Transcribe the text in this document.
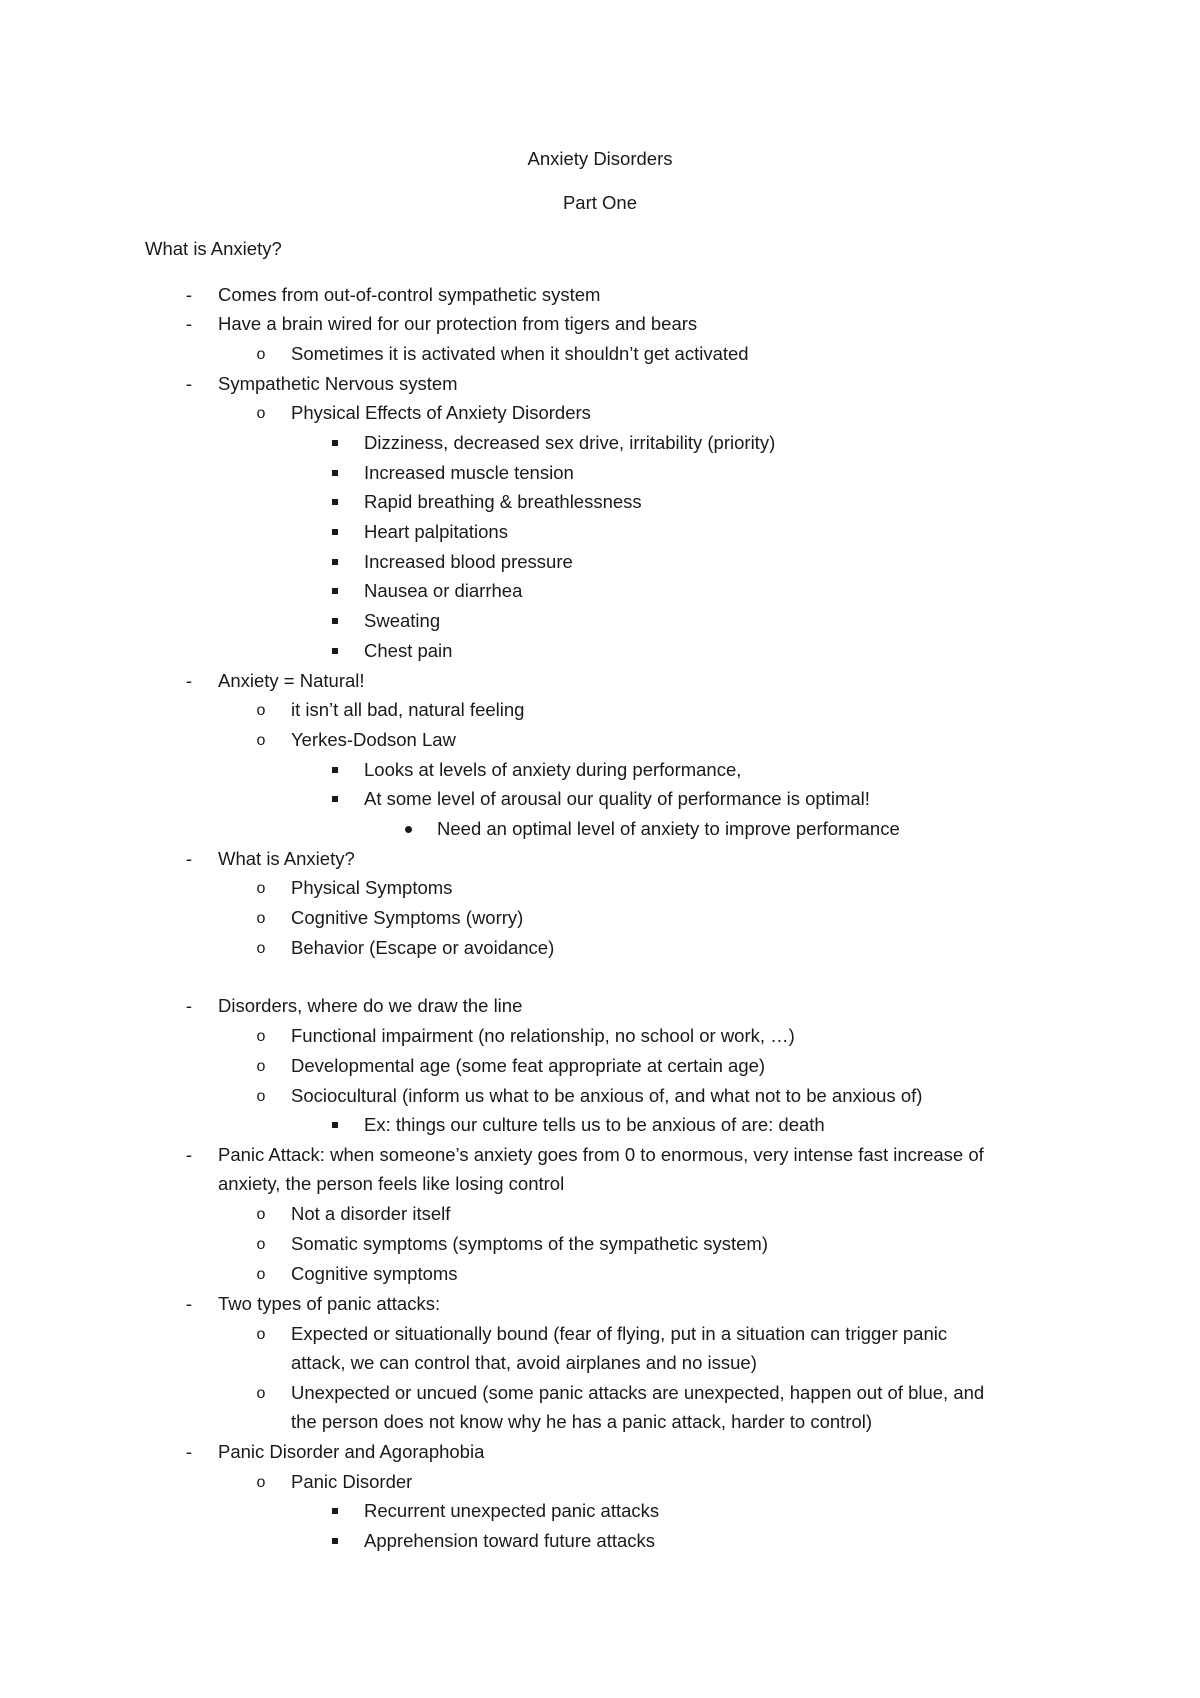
Anxiety Disorders
Part One
What is Anxiety?
- Comes from out-of-control sympathetic system
- Have a brain wired for our protection from tigers and bears
o Sometimes it is activated when it shouldn’t get activated
- Sympathetic Nervous system
o Physical Effects of Anxiety Disorders
Dizziness, decreased sex drive, irritability (priority)
Increased muscle tension
Rapid breathing & breathlessness
Heart palpitations
Increased blood pressure
Nausea or diarrhea
Sweating
Chest pain
- Anxiety = Natural!
o it isn’t all bad, natural feeling
o Yerkes-Dodson Law
Looks at levels of anxiety during performance,
At some level of arousal our quality of performance is optimal!
Need an optimal level of anxiety to improve performance
- What is Anxiety?
o Physical Symptoms
o Cognitive Symptoms (worry)
o Behavior (Escape or avoidance)
- Disorders, where do we draw the line
o Functional impairment (no relationship, no school or work, …)
o Developmental age (some feat appropriate at certain age)
o Sociocultural (inform us what to be anxious of, and what not to be anxious of)
Ex: things our culture tells us to be anxious of are: death
- Panic Attack: when someone’s anxiety goes from 0 to enormous, very intense fast increase of
anxiety, the person feels like losing control
o Not a disorder itself
o Somatic symptoms (symptoms of the sympathetic system)
o Cognitive symptoms
- Two types of panic attacks:
o Expected or situationally bound (fear of flying, put in a situation can trigger panic
attack, we can control that, avoid airplanes and no issue)
o Unexpected or uncued (some panic attacks are unexpected, happen out of blue, and
the person does not know why he has a panic attack, harder to control)
- Panic Disorder and Agoraphobia
o Panic Disorder
Recurrent unexpected panic attacks
Apprehension toward future attacks
